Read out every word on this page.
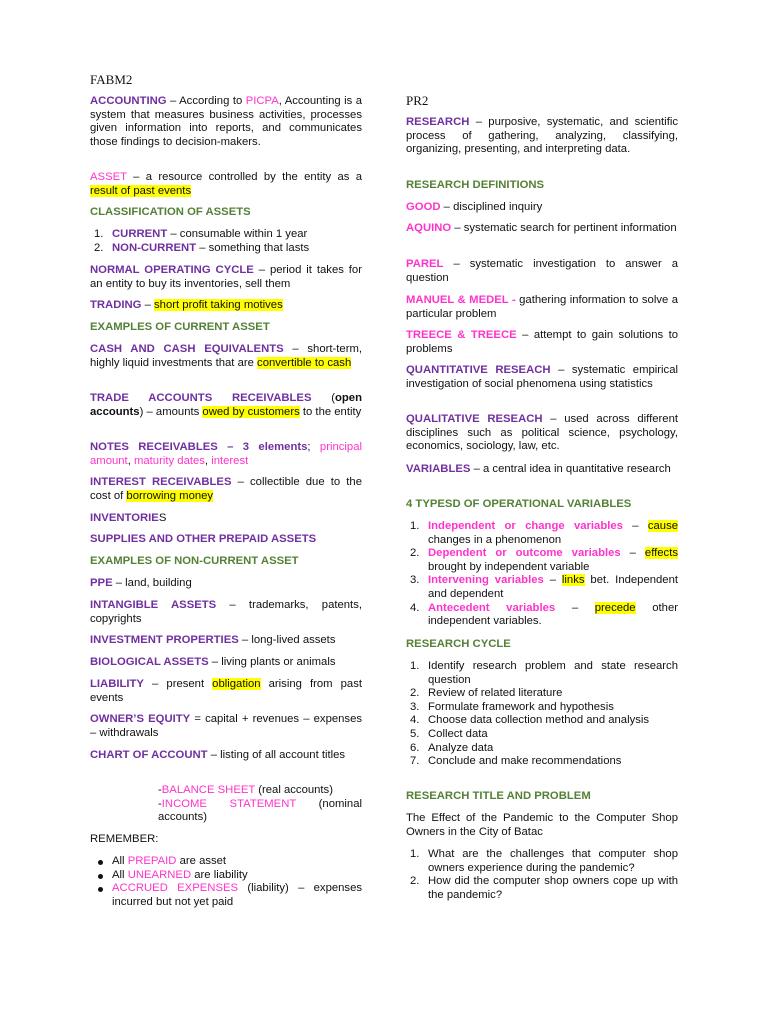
FABM2

ACCOUNTING – According to PICPA, Accounting is a system that measures business activities, processes given information into reports, and communicates those findings to decision-makers.

ASSET – a resource controlled by the entity as a result of past events

CLASSIFICATION OF ASSETS
1. CURRENT – consumable within 1 year
2. NON-CURRENT – something that lasts

NORMAL OPERATING CYCLE – period it takes for an entity to buy its inventories, sell them

TRADING – short profit taking motives

EXAMPLES OF CURRENT ASSET

CASH AND CASH EQUIVALENTS – short-term, highly liquid investments that are convertible to cash

TRADE ACCOUNTS RECEIVABLES (open accounts) – amounts owed by customers to the entity

NOTES RECEIVABLES – 3 elements; principal amount, maturity dates, interest

INTEREST RECEIVABLES – collectible due to the cost of borrowing money

INVENTORIES
SUPPLIES AND OTHER PREPAID ASSETS
EXAMPLES OF NON-CURRENT ASSET

PPE – land, building

INTANGIBLE ASSETS – trademarks, patents, copyrights

INVESTMENT PROPERTIES – long-lived assets

BIOLOGICAL ASSETS – living plants or animals

LIABILITY – present obligation arising from past events

OWNER’S EQUITY = capital + revenues – expenses – withdrawals

CHART OF ACCOUNT – listing of all account titles

-BALANCE SHEET (real accounts)
-INCOME STATEMENT (nominal accounts)
REMEMBER:
All PREPAID are asset
All UNEARNED are liability
ACCRUED EXPENSES (liability) – expenses incurred but not yet paid
PR2

RESEARCH – purposive, systematic, and scientific process of gathering, analyzing, classifying, organizing, presenting, and interpreting data.

RESEARCH DEFINITIONS

GOOD – disciplined inquiry

AQUINO – systematic search for pertinent information

PAREL – systematic investigation to answer a question

MANUEL & MEDEL - gathering information to solve a particular problem

TREECE & TREECE – attempt to gain solutions to problems

QUANTITATIVE RESEACH – systematic empirical investigation of social phenomena using statistics

QUALITATIVE RESEACH – used across different disciplines such as political science, psychology, economics, sociology, law, etc.

VARIABLES – a central idea in quantitative research

4 TYPESD OF OPERATIONAL VARIABLES
1. Independent or change variables – cause changes in a phenomenon
2. Dependent or outcome variables – effects brought by independent variable
3. Intervening variables – links bet. Independent and dependent
4. Antecedent variables – precede other independent variables.
RESEARCH CYCLE
1. Identify research problem and state research question
2. Review of related literature
3. Formulate framework and hypothesis
4. Choose data collection method and analysis
5. Collect data
6. Analyze data
7. Conclude and make recommendations
RESEARCH TITLE AND PROBLEM

The Effect of the Pandemic to the Computer Shop Owners in the City of Batac

1. What are the challenges that computer shop owners experience during the pandemic?
2. How did the computer shop owners cope up with the pandemic?
